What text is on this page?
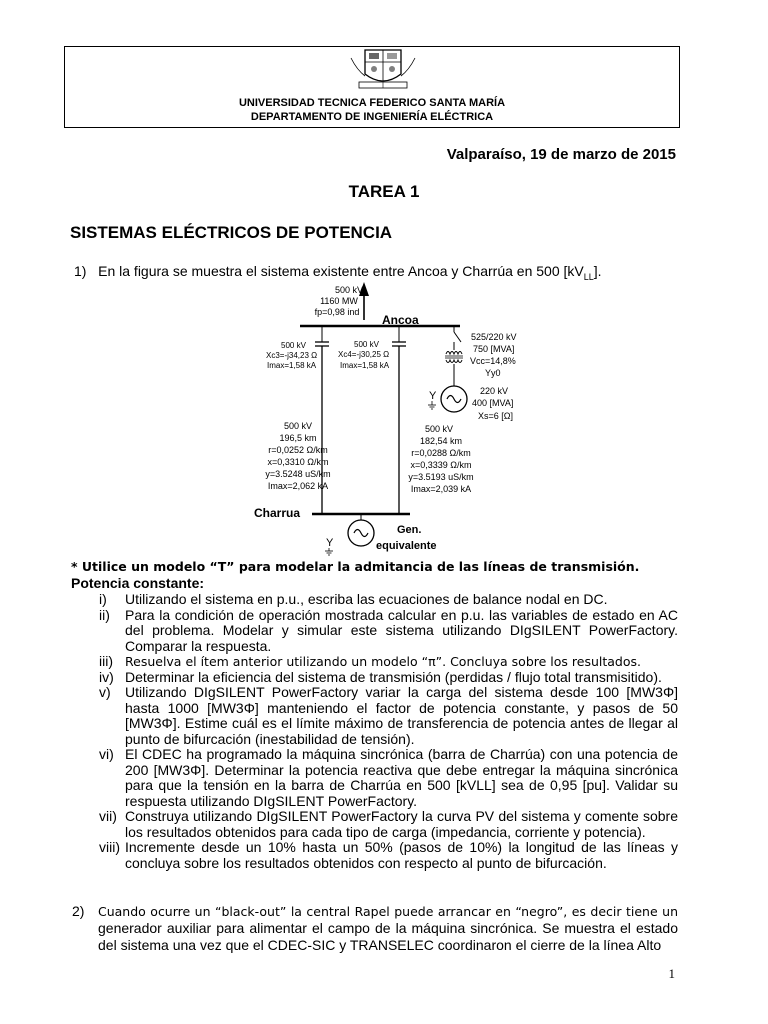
UNIVERSIDAD TECNICA FEDERICO SANTA MARÍA
DEPARTAMENTO DE INGENIERÍA ELÉCTRICA
Valparaíso, 19 de marzo de 2015
TAREA 1
SISTEMAS ELÉCTRICOS DE POTENCIA
1) En la figura se muestra el sistema existente entre Ancoa y Charrúa en 500 $[kV_{LL}]$.
500 kV
1160 MW
fp=0,98 ind
Ancoa
500 kV
Xc3=-j34,23 Ω
Imax=1,58 kA
500 kV
Xc4=-j30,25 Ω
Imax=1,58 kA
Y
525/220 kV
750 [MVA]
Vcc=14,8%
Yy0
220 kV
400 [MVA]
Xs=6 [Ω]
500 kV
196,5 km
r=0,0252 Ω/km
x=0,3310 Ω/km
y=3.5248 uS/km
Imax=2,062 kA
500 kV
182,54 km
r=0,0288 Ω/km
x=0,3339 Ω/km
y=3.5193 uS/km
Imax=2,039 kA
Charrua
Y
Gen.
equivalente
* Utilice un modelo “T” para modelar la admitancia de las líneas de transmisión.
Potencia constante:
i)	Utilizando el sistema en p.u., escriba las ecuaciones de balance nodal en DC.
ii)	Para la condición de operación mostrada calcular en p.u. las variables de estado en AC del problema. Modelar y simular este sistema utilizando DIgSILENT PowerFactory. Comparar la respuesta.
iii) Resuelva el ítem anterior utilizando un modelo “π”. Concluya sobre los resultados.
iv) Determinar la eficiencia del sistema de transmisión (perdidas / flujo total transmisitido).
v)	Utilizando DIgSILENT PowerFactory variar la carga del sistema desde 100 [MW3Φ] hasta 1000 [MW3Φ] manteniendo el factor de potencia constante, y pasos de 50 [MW3Φ]. Estime cuál es el límite máximo de transferencia de potencia antes de llegar al punto de bifurcación (inestabilidad de tensión).
vi) El CDEC ha programado la máquina sincrónica (barra de Charrúa) con una potencia de 200 [MW3Φ]. Determinar la potencia reactiva que debe entregar la máquina sincrónica para que la tensión en la barra de Charrúa en 500 [kVLL] sea de 0,95 [pu]. Validar su respuesta utilizando DIgSILENT PowerFactory.
vii) Construya utilizando DIgSILENT PowerFactory la curva PV del sistema y comente sobre los resultados obtenidos para cada tipo de carga (impedancia, corriente y potencia).
viii) Incremente desde un 10% hasta un 50% (pasos de 10%) la longitud de las líneas y concluya sobre los resultados obtenidos con respecto al punto de bifurcación.
2)	Cuando ocurre un “black-out” la central Rapel puede arrancar en “negro”, es decir tiene un generador auxiliar para alimentar el campo de la máquina sincrónica. Se muestra el estado del sistema una vez que el CDEC-SIC y TRANSELEC coordinaron el cierre de la línea Alto
1
